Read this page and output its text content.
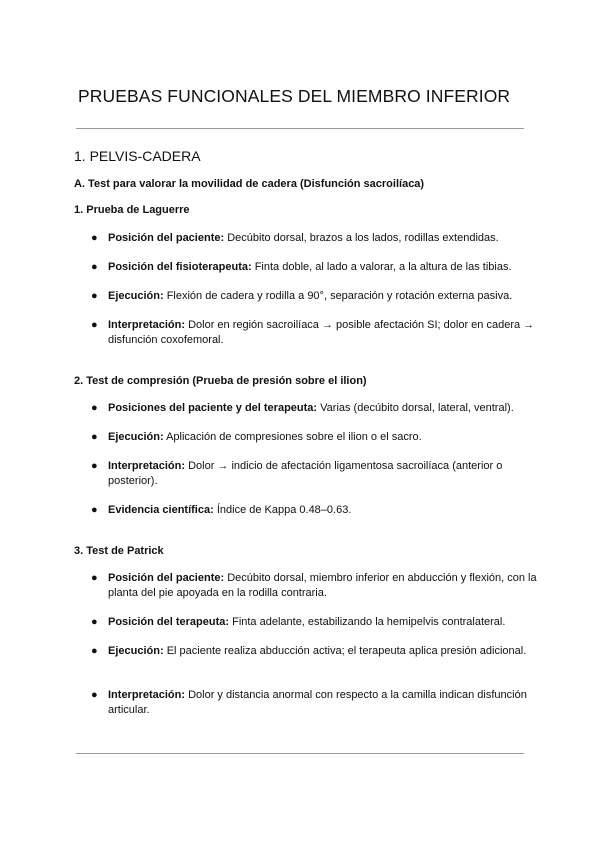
PRUEBAS FUNCIONALES DEL MIEMBRO INFERIOR
1. PELVIS-CADERA
A. Test para valorar la movilidad de cadera (Disfunción sacroilíaca)
1. Prueba de Laguerre
● Posición del paciente: Decúbito dorsal, brazos a los lados, rodillas extendidas.
● Posición del fisioterapeuta: Finta doble, al lado a valorar, a la altura de las tibias.
● Ejecución: Flexión de cadera y rodilla a 90°, separación y rotación externa pasiva.
● Interpretación: Dolor en región sacroilíaca → posible afectación SI; dolor en cadera → disfunción coxofemoral.
2. Test de compresión (Prueba de presión sobre el ilion)
● Posiciones del paciente y del terapeuta: Varias (decúbito dorsal, lateral, ventral).
● Ejecución: Aplicación de compresiones sobre el ilion o el sacro.
● Interpretación: Dolor → indicio de afectación ligamentosa sacroilíaca (anterior o posterior).
● Evidencia científica: Índice de Kappa 0.48–0.63.
3. Test de Patrick
● Posición del paciente: Decúbito dorsal, miembro inferior en abducción y flexión, con la planta del pie apoyada en la rodilla contraria.
● Posición del terapeuta: Finta adelante, estabilizando la hemipelvis contralateral.
● Ejecución: El paciente realiza abducción activa; el terapeuta aplica presión adicional.
● Interpretación: Dolor y distancia anormal con respecto a la camilla indican disfunción articular.
